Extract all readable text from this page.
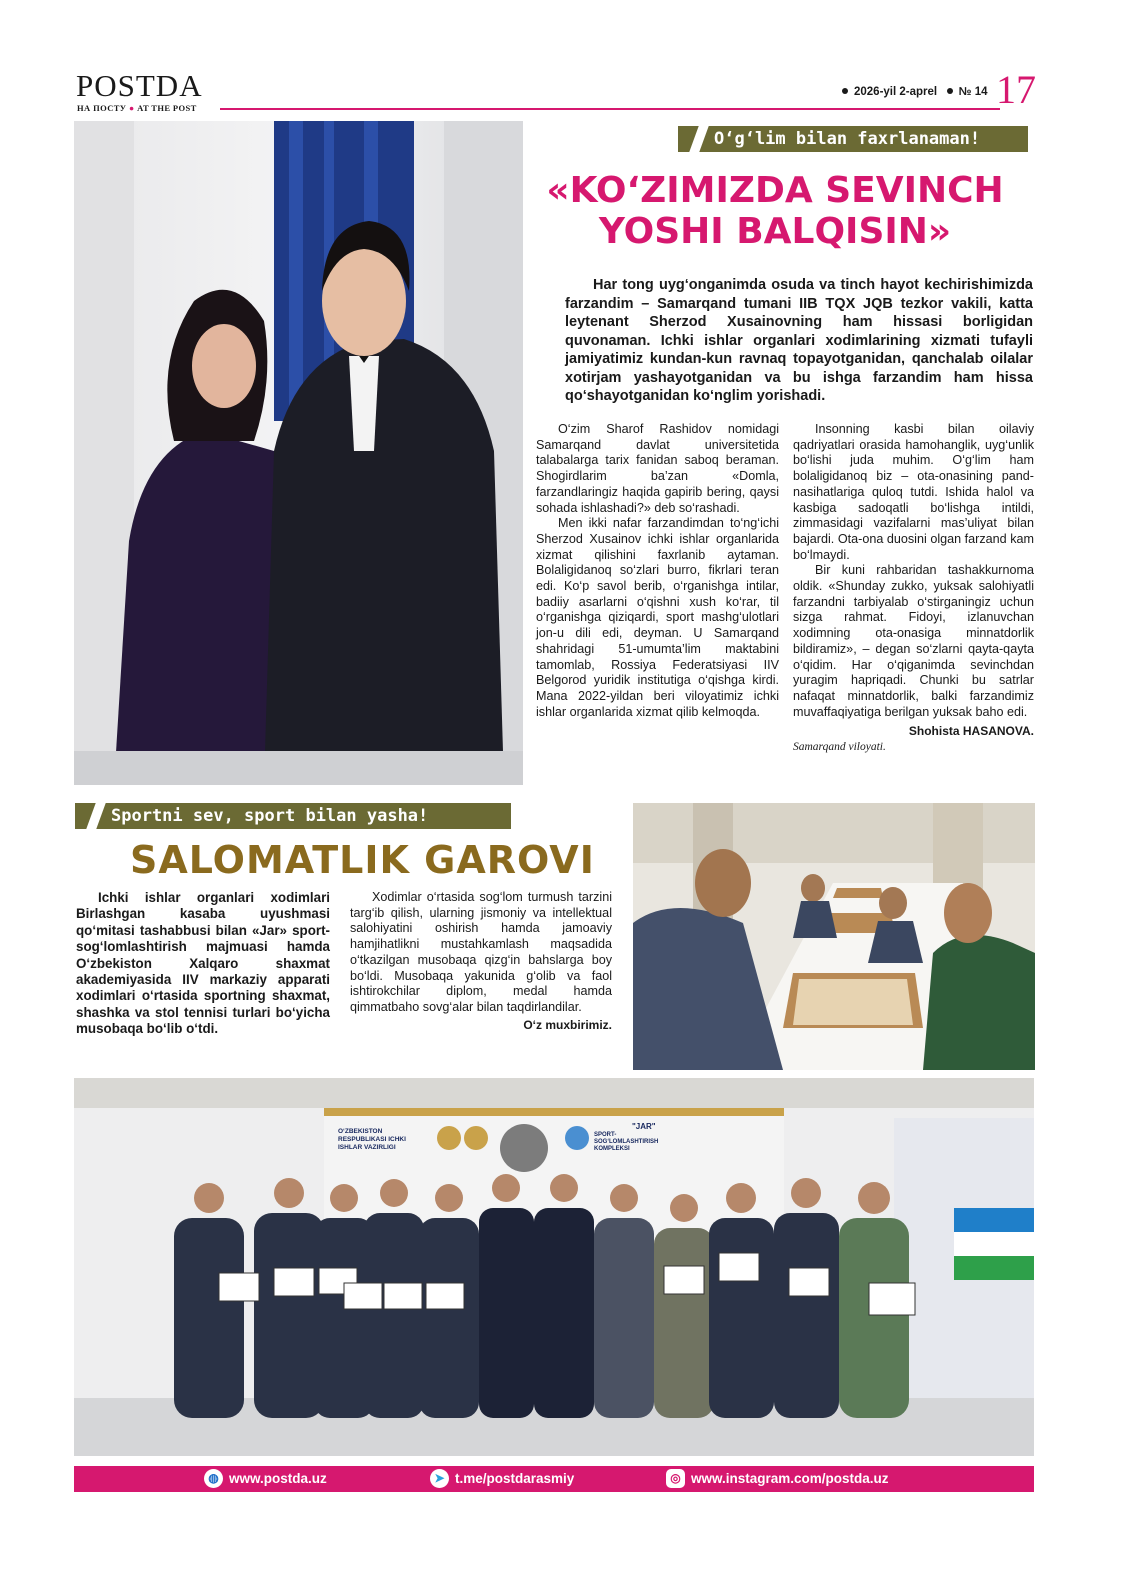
POSTDA
НА ПОСТУ ● AT THE POST
2026-yil 2-aprel № 14 17
O‘g‘lim bilan faxrlanaman!
«KO‘ZIMIZDA SEVINCH
YOSHI BALQISIN»

Har tong uyg‘onganimda osuda va tinch hayot kechirishimizda farzandim – Samarqand tumani IIB TQX JQB tezkor vakili, katta leytenant Sherzod Xusainovning ham hissasi borligidan quvonaman. Ichki ishlar organlari xodimlarining xizmati tufayli jamiyatimiz kundan-kun ravnaq topayotganidan, qanchalab oilalar xotirjam yashayotganidan va bu ishga farzandim ham hissa qo‘shayotganidan ko‘nglim yorishadi.

O‘zim Sharof Rashidov nomidagi Samarqand davlat universitetida talabalarga tarix fanidan saboq beraman. Shogirdlarim ba’zan «Domla, farzandlaringiz haqida gapirib bering, qaysi sohada ishlashadi?» deb so‘rashadi.

Men ikki nafar farzandimdan to‘ng‘ichi Sherzod Xusainov ichki ishlar organlarida xizmat qilishini faxrlanib aytaman. Bolaligidanoq so‘zlari burro, fikrlari teran edi. Ko‘p savol berib, o‘rganishga intilar, badiiy asarlarni o‘qishni xush ko‘rar, til o‘rganishga qiziqardi, sport mashg‘ulotlari jon-u dili edi, deyman. U Samarqand shahridagi 51-umumta’lim maktabini tamomlab, Rossiya Federatsiyasi IIV Belgorod yuridik institutiga o‘qishga kirdi. Mana 2022-yildan beri viloyatimiz ichki ishlar organlarida xizmat qilib kelmoqda.

Insonning kasbi bilan oilaviy qadriyatlari orasida hamohanglik, uyg‘unlik bo‘lishi juda muhim. O‘g‘lim ham bolaligidanoq biz – ota-onasining pand-nasihatlariga quloq tutdi. Ishida halol va kasbiga sadoqatli bo‘lishga intildi, zimmasidagi vazifalarni mas’uliyat bilan bajardi. Ota-ona duosini olgan farzand kam bo‘lmaydi.

Bir kuni rahbaridan tashakkurnoma oldik. «Shunday zukko, yuksak salohiyatli farzandni tarbiyalab o‘stirganingiz uchun sizga rahmat. Fidoyi, izlanuvchan xodimning ota-onasiga minnatdorlik bildiramiz», – degan so‘zlarni qayta-qayta o‘qidim. Har o‘qiganimda sevinchdan yuragim hapriqadi. Chunki bu satrlar nafaqat minnatdorlik, balki farzandimiz muvaffaqiyatiga berilgan yuksak baho edi.

Shohista HASANOVA.
Samarqand viloyati.
Sportni sev, sport bilan yasha!
SALOMATLIK GAROVI

Ichki ishlar organlari xodimlari Birlashgan kasaba uyushmasi qo‘mitasi tashabbusi bilan «Jar» sport-sog‘lomlashtirish majmuasi hamda O‘zbekiston Xalqaro shaxmat akademiyasida IIV markaziy apparati xodimlari o‘rtasida sportning shaxmat, shashka va stol tennisi turlari bo‘yicha musobaqa bo‘lib o‘tdi.

Xodimlar o‘rtasida sog‘lom turmush tarzini targ‘ib qilish, ularning jismoniy va intellektual salohiyatini oshirish hamda jamoaviy hamjihatlikni mustahkamlash maqsadida o‘tkazilgan musobaqa qizg‘in bahslarga boy bo‘ldi. Musobaqa yakunida g‘olib va faol ishtirokchilar diplom, medal hamda qimmatbaho sovg‘alar bilan taqdirlandilar.

O‘z muxbirimiz.
O‘ZBEKISTON RESPUBLIKASI ICHKI ISHLAR VAZIRLIGI
"JAR"
SPORT-SOG‘LOMLASHTIRISH KOMPLEKSI
◍ www.postda.uz	➤ t.me/postdarasmiy	◎ www.instagram.com/postda.uz
